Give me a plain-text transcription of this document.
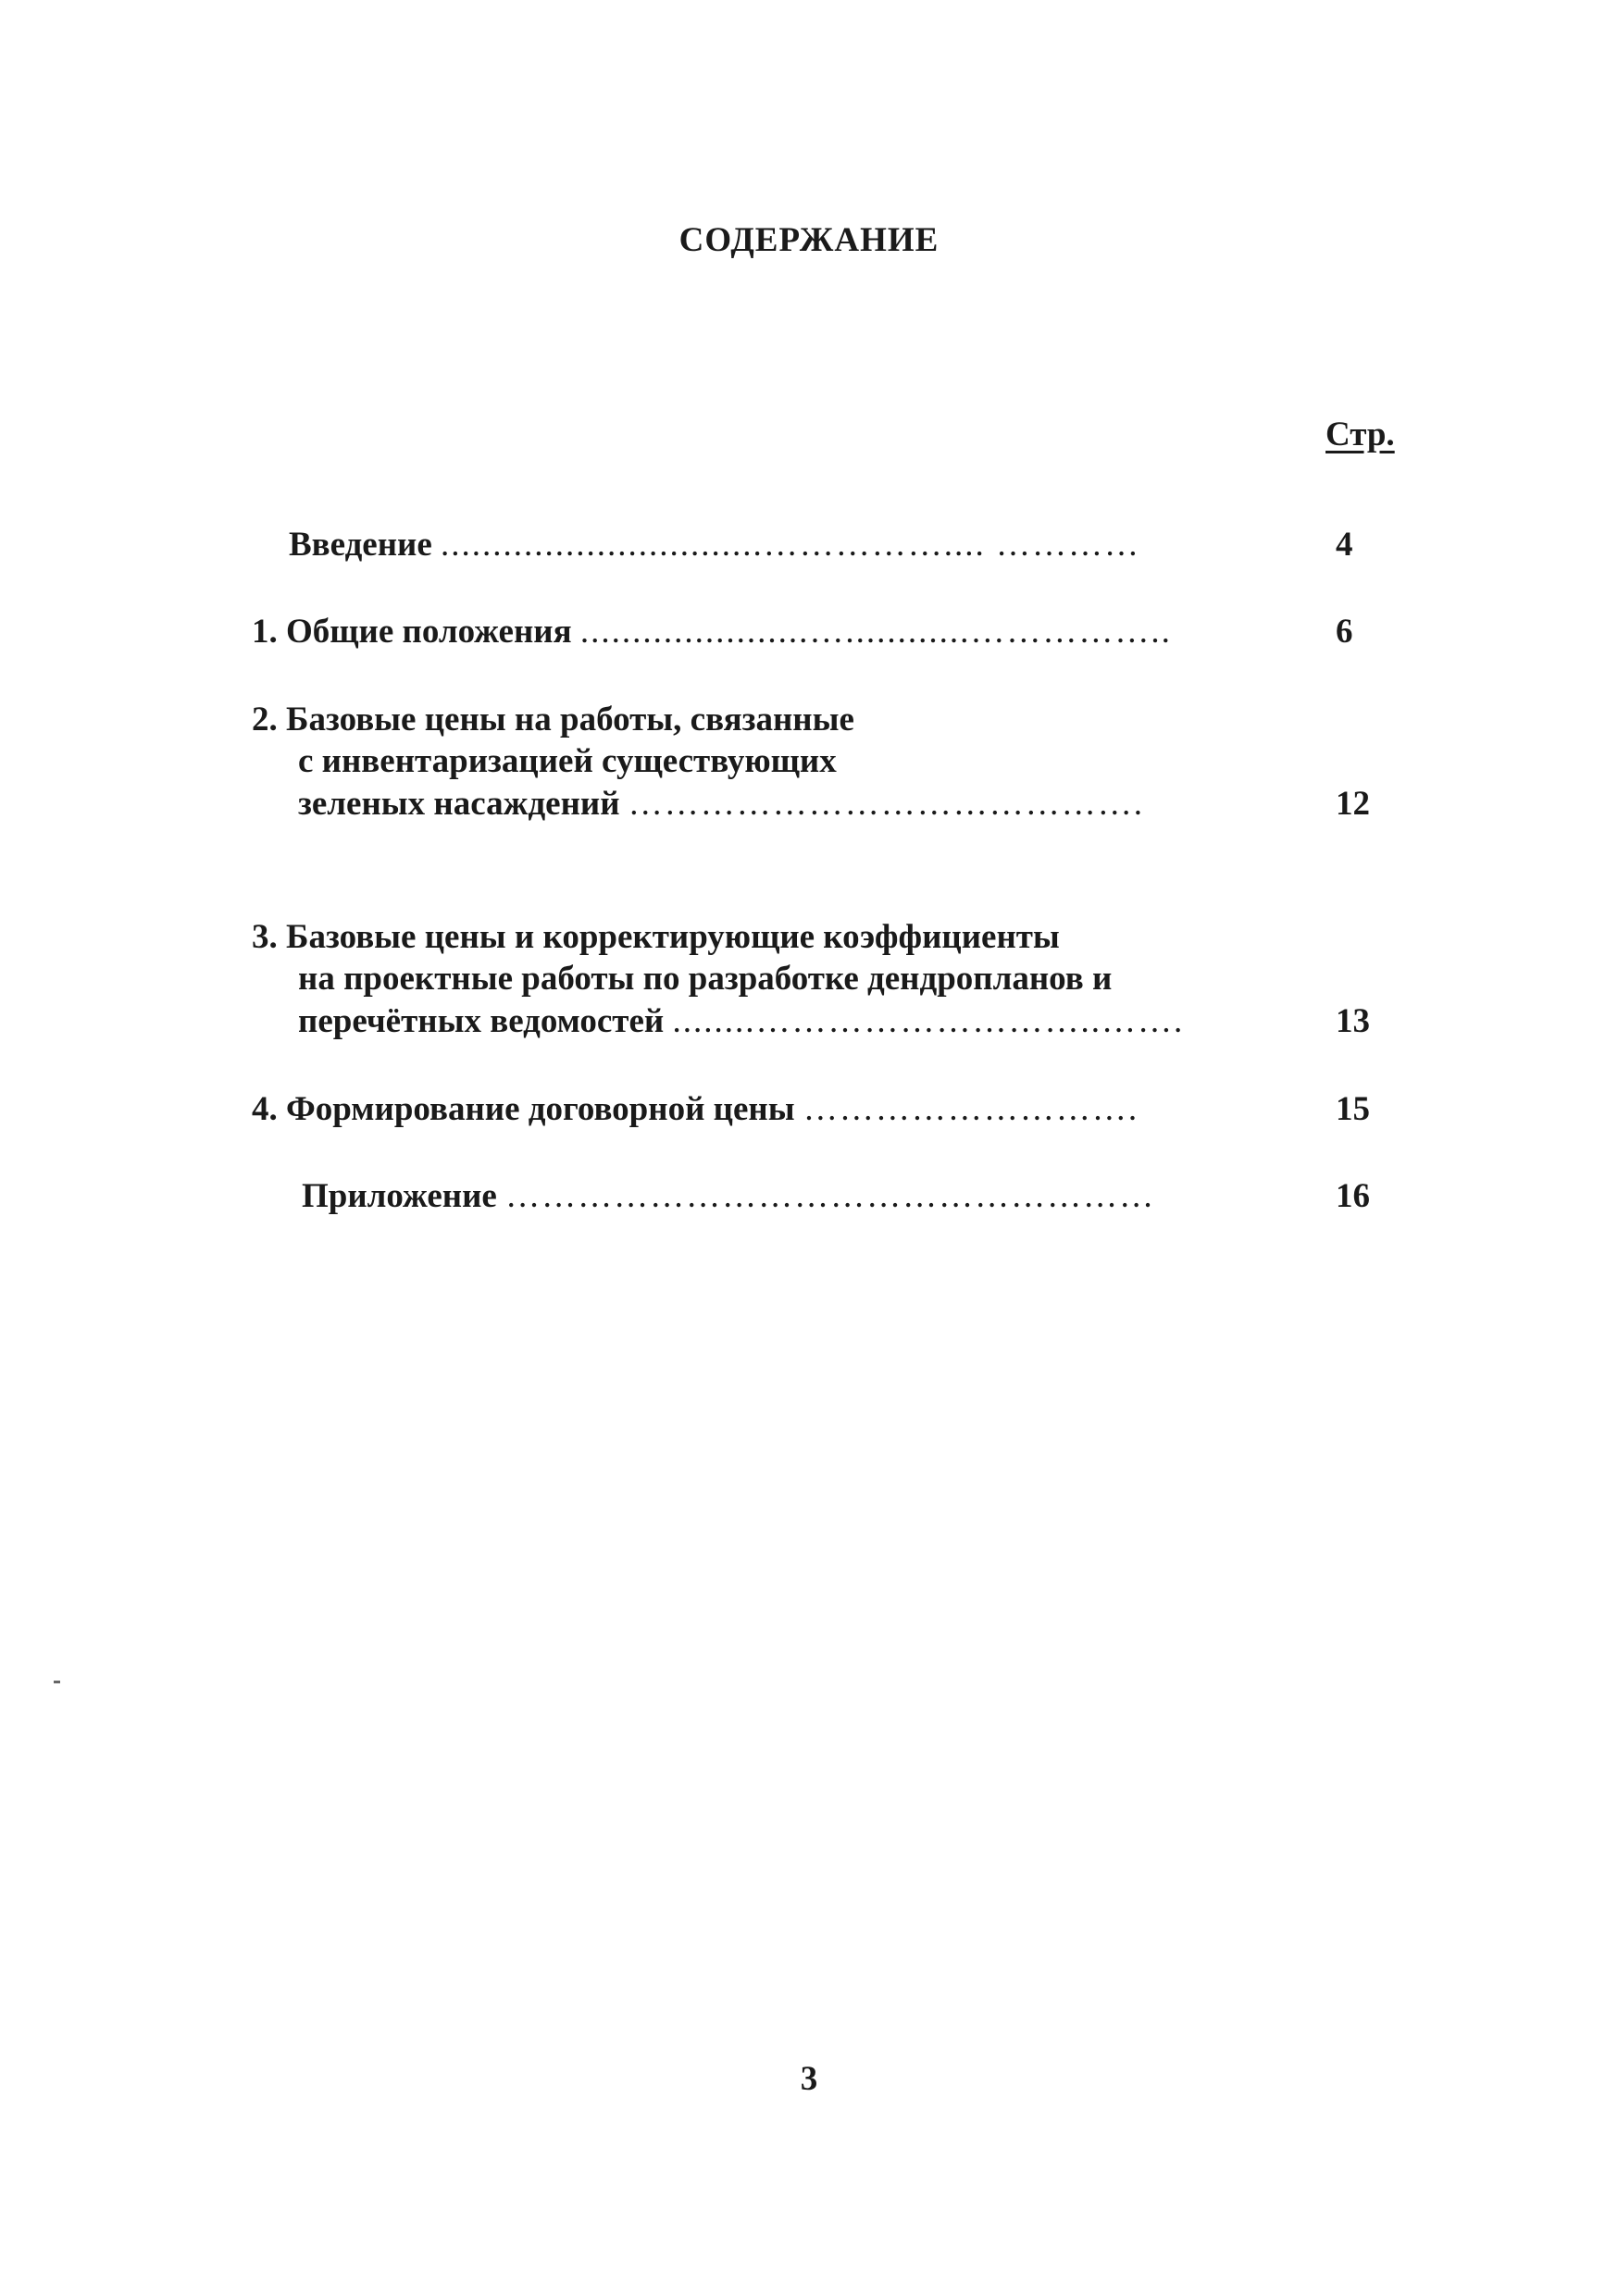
СОДЕРЖАНИЕ
Стр.
Введение ...............................…………….... …………	4
1. Общие положения ......................…............……………..	6
2. Базовые цены на работы, связанные
с инвентаризацией существующих
зеленых насаждений …………………………………….	12
3. Базовые цены и корректирующие коэффициенты
на проектные работы по разработке дендропланов и
перечётных ведомостей ........………………………..…….	13
4. Формирование договорной цены ……………………….	15
Приложение ………………………………………………	16
3
